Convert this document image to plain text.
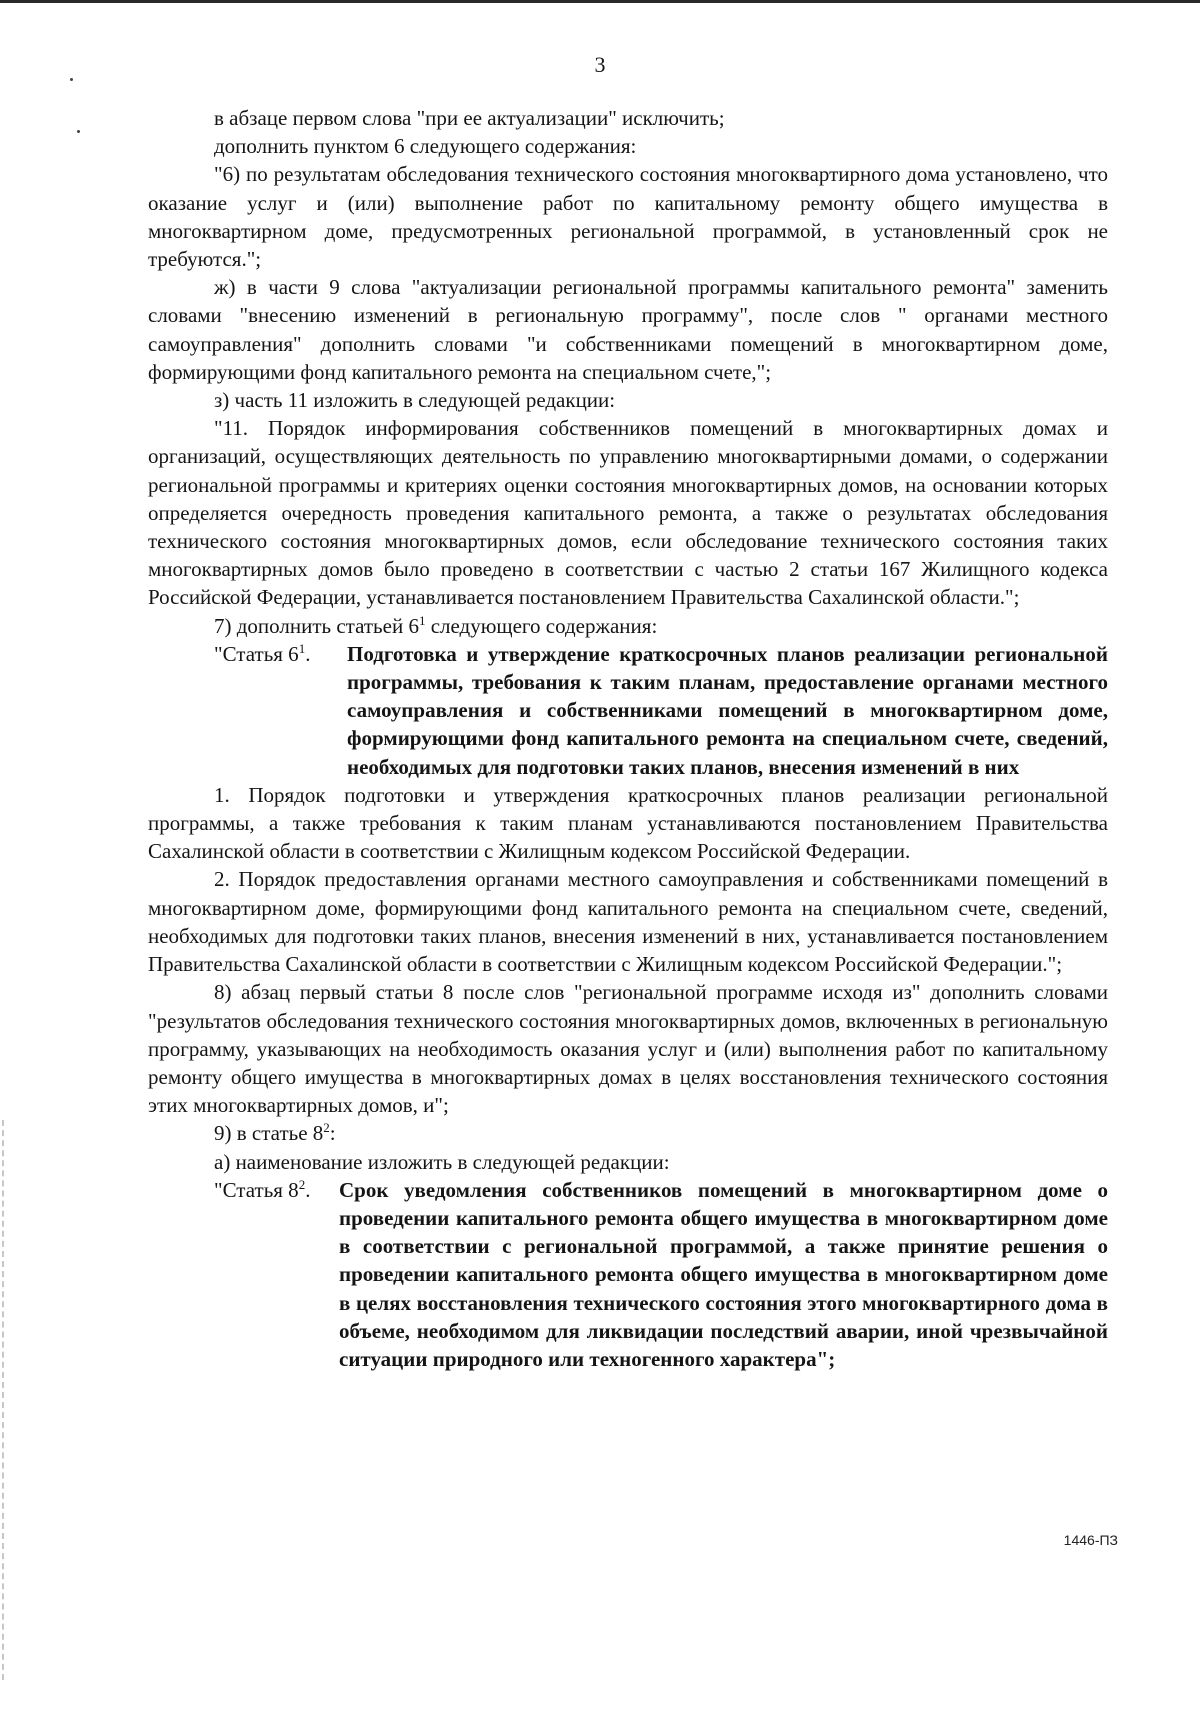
3

в абзаце первом слова "при ее актуализации" исключить;

дополнить пунктом 6 следующего содержания:

"6) по результатам обследования технического состояния многоквартирного дома установлено, что оказание услуг и (или) выполнение работ по капитальному ремонту общего имущества в многоквартирном доме, предусмотренных региональной программой, в установленный срок не требуются.";

ж) в части 9 слова "актуализации региональной программы капитального ремонта" заменить словами "внесению изменений в региональную программу", после слов " органами местного самоуправления" дополнить словами "и собственниками помещений в многоквартирном доме, формирующими фонд капитального ремонта на специальном счете,";

з) часть 11 изложить в следующей редакции:

"11. Порядок информирования собственников помещений в многоквартирных домах и организаций, осуществляющих деятельность по управлению многоквартирными домами, о содержании региональной программы и критериях оценки состояния многоквартирных домов, на основании которых определяется очередность проведения капитального ремонта, а также о результатах обследования технического состояния многоквартирных домов, если обследование технического состояния таких многоквартирных домов было проведено в соответствии с частью 2 статьи 167 Жилищного кодекса Российской Федерации, устанавливается постановлением Правительства Сахалинской области.";

7) дополнить статьей $6^1$ следующего содержания:

"Статья $6^1$.	Подготовка и утверждение краткосрочных планов реализации региональной программы, требования к таким планам, предоставление органами местного самоуправления и собственниками помещений в многоквартирном доме, формирующими фонд капитального ремонта на специальном счете, сведений, необходимых для подготовки таких планов, внесения изменений в них

1. Порядок подготовки и утверждения краткосрочных планов реализации региональной программы, а также требования к таким планам устанавливаются постановлением Правительства Сахалинской области в соответствии с Жилищным кодексом Российской Федерации.

2. Порядок предоставления органами местного самоуправления и собственниками помещений в многоквартирном доме, формирующими фонд капитального ремонта на специальном счете, сведений, необходимых для подготовки таких планов, внесения изменений в них, устанавливается постановлением Правительства Сахалинской области в соответствии с Жилищным кодексом Российской Федерации.";

8) абзац первый статьи 8 после слов "региональной программе исходя из" дополнить словами "результатов обследования технического состояния многоквартирных домов, включенных в региональную программу, указывающих на необходимость оказания услуг и (или) выполнения работ по капитальному ремонту общего имущества в многоквартирных домах в целях восстановления технического состояния этих многоквартирных домов, и";

9) в статье $8^2$:

а) наименование изложить в следующей редакции:

"Статья $8^2$.	Срок уведомления собственников помещений в многоквартирном доме о проведении капитального ремонта общего имущества в многоквартирном доме в соответствии с региональной программой, а также принятие решения о проведении капитального ремонта общего имущества в многоквартирном доме в целях восстановления технического состояния этого многоквартирного дома в объеме, необходимом для ликвидации последствий аварии, иной чрезвычайной ситуации природного или техногенного характера";
1446-ПЗ
